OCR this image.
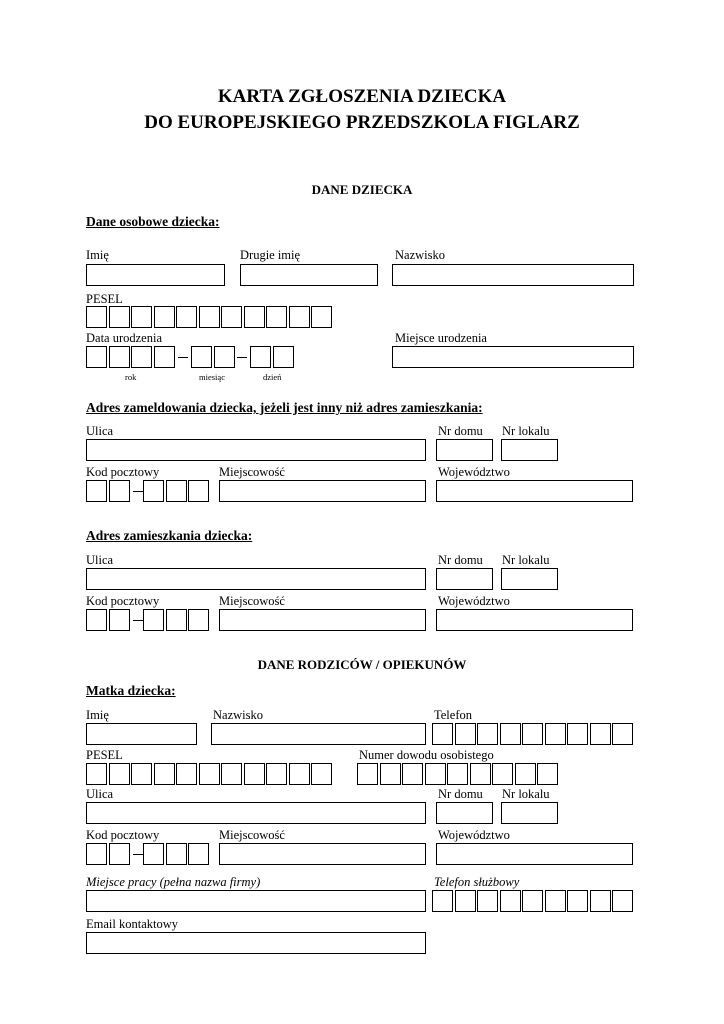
KARTA ZGŁOSZENIA DZIECKA
DO EUROPEJSKIEGO PRZEDSZKOLA FIGLARZ
DANE DZIECKA
Dane osobowe dziecka:
Imię	Drugie imię	Nazwisko
PESEL
Data urodzenia	Miejsce urodzenia
rok	miesiąc	dzień
Adres zameldowania dziecka, jeżeli jest inny niż adres zamieszkania:
Ulica	Nr domu Nr lokalu
Kod pocztowy	Miejscowość	Województwo
Adres zamieszkania dziecka:
Ulica	Nr domu Nr lokalu
Kod pocztowy	Miejscowość	Województwo
DANE RODZICÓW / OPIEKUNÓW
Matka dziecka:
Imię	Nazwisko	Telefon
PESEL	Numer dowodu osobistego
Ulica	Nr domu Nr lokalu
Kod pocztowy	Miejscowość	Województwo
Miejsce pracy (pełna nazwa firmy)	Telefon służbowy
Email kontaktowy
